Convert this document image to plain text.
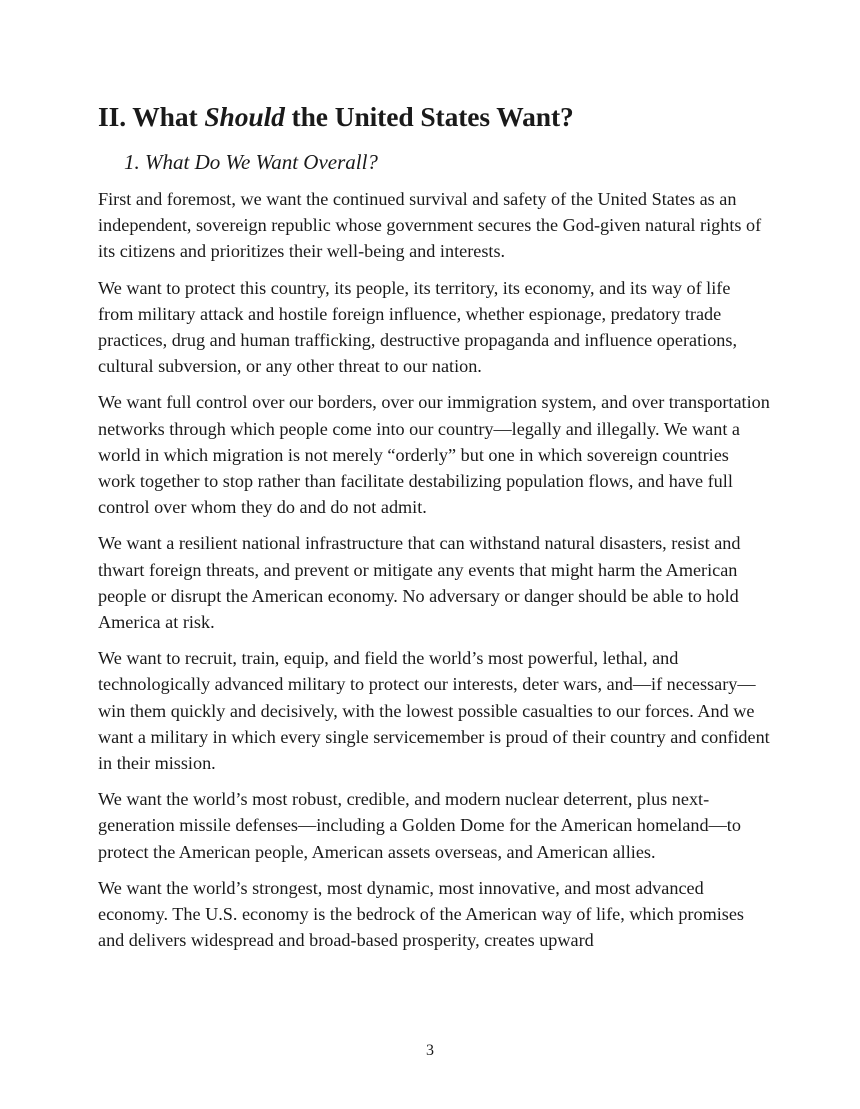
II. What Should the United States Want?
1. What Do We Want Overall?

First and foremost, we want the continued survival and safety of the United States as an independent, sovereign republic whose government secures the God-given natural rights of its citizens and prioritizes their well-being and interests.

We want to protect this country, its people, its territory, its economy, and its way of life from military attack and hostile foreign influence, whether espionage, predatory trade practices, drug and human trafficking, destructive propaganda and influence operations, cultural subversion, or any other threat to our nation.

We want full control over our borders, over our immigration system, and over transportation networks through which people come into our country—legally and illegally. We want a world in which migration is not merely “orderly” but one in which sovereign countries work together to stop rather than facilitate destabilizing population flows, and have full control over whom they do and do not admit.

We want a resilient national infrastructure that can withstand natural disasters, resist and thwart foreign threats, and prevent or mitigate any events that might harm the American people or disrupt the American economy. No adversary or danger should be able to hold America at risk.

We want to recruit, train, equip, and field the world’s most powerful, lethal, and technologically advanced military to protect our interests, deter wars, and—if necessary—win them quickly and decisively, with the lowest possible casualties to our forces. And we want a military in which every single servicemember is proud of their country and confident in their mission.

We want the world’s most robust, credible, and modern nuclear deterrent, plus next-generation missile defenses—including a Golden Dome for the American homeland—to protect the American people, American assets overseas, and American allies.

We want the world’s strongest, most dynamic, most innovative, and most advanced economy. The U.S. economy is the bedrock of the American way of life, which promises and delivers widespread and broad-based prosperity, creates upward

3
